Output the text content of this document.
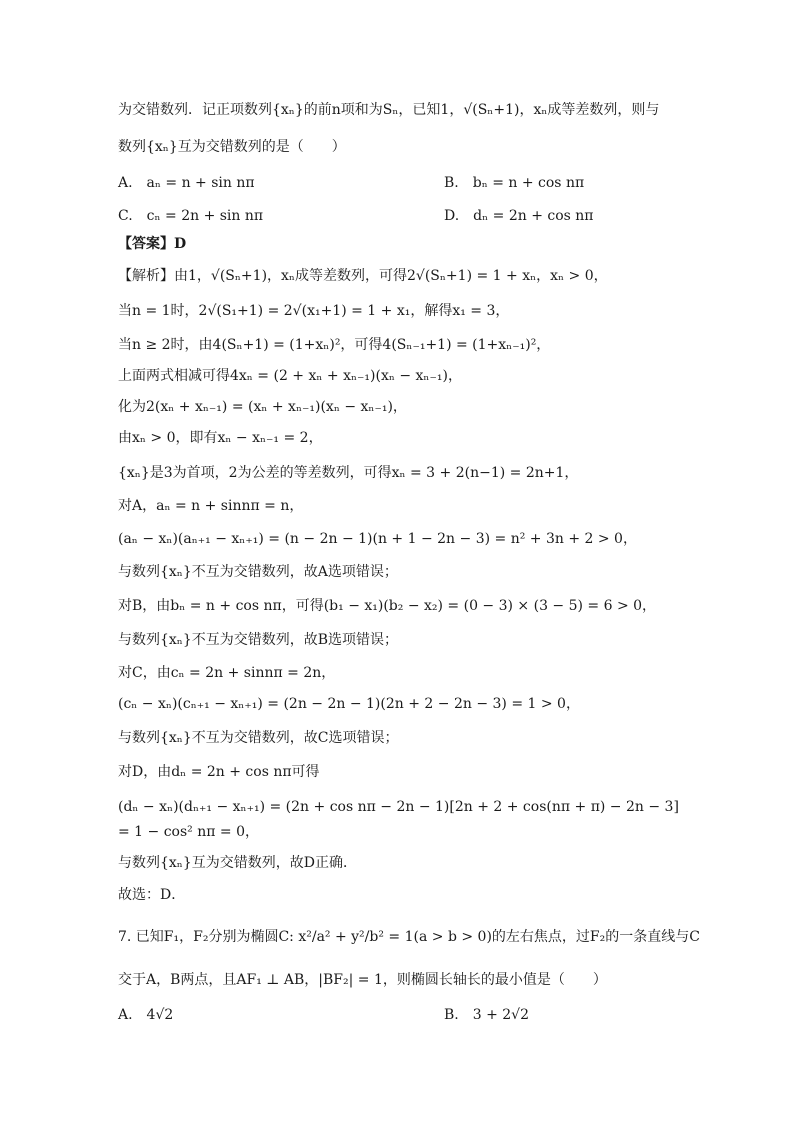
为交错数列．记正项数列{xₙ}的前n项和为Sₙ，已知1，√(Sₙ+1)，xₙ成等差数列，则与
数列{xₙ}互为交错数列的是（　　）
A.　aₙ = n + sin nπ	B.　bₙ = n + cos nπ
C.　cₙ = 2n + sin nπ	D.　dₙ = 2n + cos nπ
【答案】D
【解析】由1，√(Sₙ+1)，xₙ成等差数列，可得2√(Sₙ+1) = 1 + xₙ，xₙ > 0，
当n = 1时，2√(S₁+1) = 2√(x₁+1) = 1 + x₁，解得x₁ = 3，
当n ≥ 2时，由4(Sₙ+1) = (1+xₙ)²，可得4(Sₙ₋₁+1) = (1+xₙ₋₁)²，
上面两式相减可得4xₙ = (2 + xₙ + xₙ₋₁)(xₙ − xₙ₋₁)，
化为2(xₙ + xₙ₋₁) = (xₙ + xₙ₋₁)(xₙ − xₙ₋₁)，
由xₙ > 0，即有xₙ − xₙ₋₁ = 2，
{xₙ}是3为首项，2为公差的等差数列，可得xₙ = 3 + 2(n−1) = 2n+1，
对A，aₙ = n + sinnπ = n，
(aₙ − xₙ)(aₙ₊₁ − xₙ₊₁) = (n − 2n − 1)(n + 1 − 2n − 3) = n² + 3n + 2 > 0，
与数列{xₙ}不互为交错数列，故A选项错误；
对B，由bₙ = n + cos nπ，可得(b₁ − x₁)(b₂ − x₂) = (0 − 3) × (3 − 5) = 6 > 0，
与数列{xₙ}不互为交错数列，故B选项错误；
对C，由cₙ = 2n + sinnπ = 2n，
(cₙ − xₙ)(cₙ₊₁ − xₙ₊₁) = (2n − 2n − 1)(2n + 2 − 2n − 3) = 1 > 0，
与数列{xₙ}不互为交错数列，故C选项错误；
对D，由dₙ = 2n + cos nπ可得
(dₙ − xₙ)(dₙ₊₁ − xₙ₊₁) = (2n + cos nπ − 2n − 1)[2n + 2 + cos(nπ + π) − 2n − 3]
= 1 − cos² nπ = 0，
与数列{xₙ}互为交错数列，故D正确．
故选：D．
7. 已知F₁，F₂分别为椭圆C: x²/a² + y²/b² = 1(a > b > 0)的左右焦点，过F₂的一条直线与C
交于A，B两点，且AF₁ ⊥ AB，|BF₂| = 1，则椭圆长轴长的最小值是（　　）
A.　4√2	B.　3 + 2√2
